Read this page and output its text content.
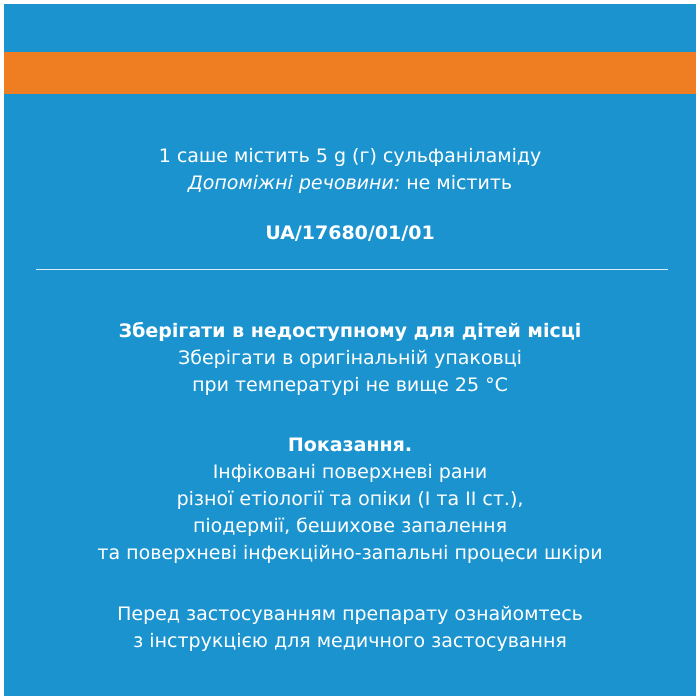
1 саше містить 5 g (г) сульфаніламіду
Допоміжні речовини: не містить
UA/17680/01/01
Зберігати в недоступному для дітей місці
Зберігати в оригінальній упаковці
при температурі не вище 25 °C
Показання.
Інфіковані поверхневі рани
різної етіології та опіки (І та ІІ ст.),
піодермії, бешихове запалення
та поверхневі інфекційно-запальні процеси шкіри
Перед застосуванням препарату ознайомтесь
з інструкцією для медичного застосування
